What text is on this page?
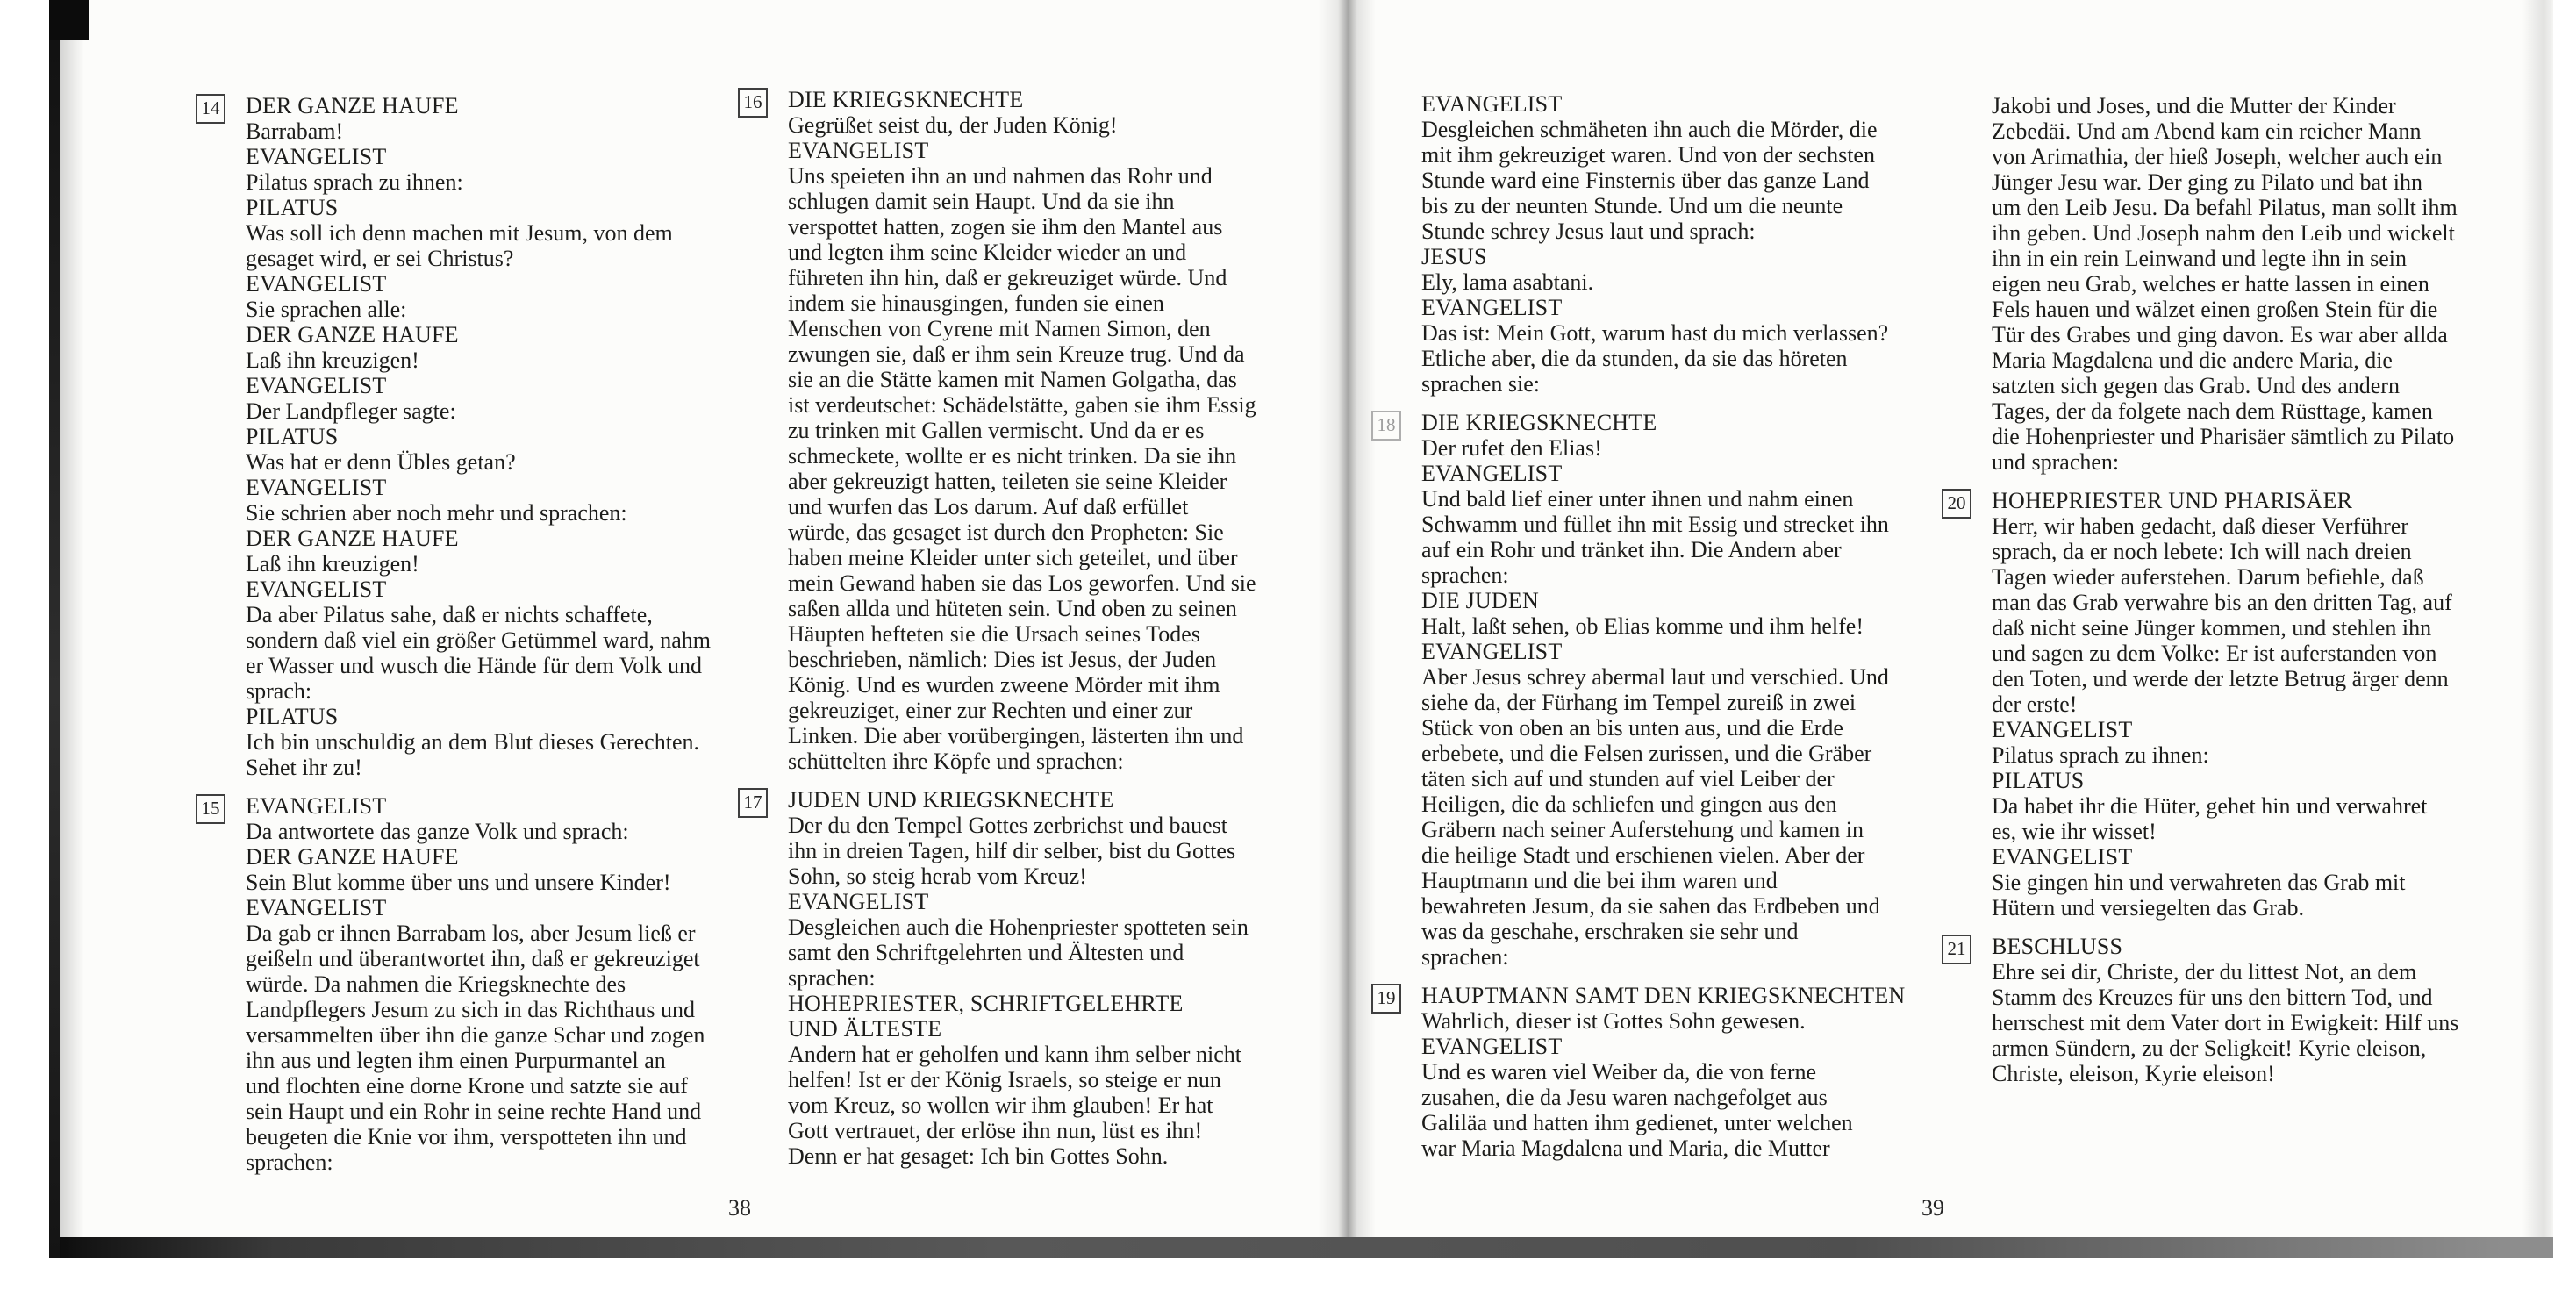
14 DER GANZE HAUFE
Barrabam!
EVANGELIST
Pilatus sprach zu ihnen:
PILATUS
Was soll ich denn machen mit Jesum, von dem
gesaget wird, er sei Christus?
EVANGELIST
Sie sprachen alle:
DER GANZE HAUFE
Laß ihn kreuzigen!
EVANGELIST
Der Landpfleger sagte:
PILATUS
Was hat er denn Übles getan?
EVANGELIST
Sie schrien aber noch mehr und sprachen:
DER GANZE HAUFE
Laß ihn kreuzigen!
EVANGELIST
Da aber Pilatus sahe, daß er nichts schaffete,
sondern daß viel ein größer Getümmel ward, nahm
er Wasser und wusch die Hände für dem Volk und
sprach:
PILATUS
Ich bin unschuldig an dem Blut dieses Gerechten.
Sehet ihr zu!
15 EVANGELIST
Da antwortete das ganze Volk und sprach:
DER GANZE HAUFE
Sein Blut komme über uns und unsere Kinder!
EVANGELIST
Da gab er ihnen Barrabam los, aber Jesum ließ er
geißeln und überantwortet ihn, daß er gekreuziget
würde. Da nahmen die Kriegsknechte des
Landpflegers Jesum zu sich in das Richthaus und
versammelten über ihn die ganze Schar und zogen
ihn aus und legten ihm einen Purpurmantel an
und flochten eine dorne Krone und satzte sie auf
sein Haupt und ein Rohr in seine rechte Hand und
beugeten die Knie vor ihm, verspotteten ihn und
sprachen:
16 DIE KRIEGSKNECHTE
Gegrüßet seist du, der Juden König!
EVANGELIST
Uns speieten ihn an und nahmen das Rohr und
schlugen damit sein Haupt. Und da sie ihn
verspottet hatten, zogen sie ihm den Mantel aus
und legten ihm seine Kleider wieder an und
führeten ihn hin, daß er gekreuziget würde. Und
indem sie hinausgingen, funden sie einen
Menschen von Cyrene mit Namen Simon, den
zwungen sie, daß er ihm sein Kreuze trug. Und da
sie an die Stätte kamen mit Namen Golgatha, das
ist verdeutschet: Schädelstätte, gaben sie ihm Essig
zu trinken mit Gallen vermischt. Und da er es
schmeckete, wollte er es nicht trinken. Da sie ihn
aber gekreuzigt hatten, teileten sie seine Kleider
und wurfen das Los darum. Auf daß erfüllet
würde, das gesaget ist durch den Propheten: Sie
haben meine Kleider unter sich geteilet, und über
mein Gewand haben sie das Los geworfen. Und sie
saßen allda und hüteten sein. Und oben zu seinen
Häupten hefteten sie die Ursach seines Todes
beschrieben, nämlich: Dies ist Jesus, der Juden
König. Und es wurden zweene Mörder mit ihm
gekreuziget, einer zur Rechten und einer zur
Linken. Die aber vorübergingen, lästerten ihn und
schüttelten ihre Köpfe und sprachen:
17 JUDEN UND KRIEGSKNECHTE
Der du den Tempel Gottes zerbrichst und bauest
ihn in dreien Tagen, hilf dir selber, bist du Gottes
Sohn, so steig herab vom Kreuz!
EVANGELIST
Desgleichen auch die Hohenpriester spotteten sein
samt den Schriftgelehrten und Ältesten und
sprachen:
HOHEPRIESTER, SCHRIFTGELEHRTE
UND ÄLTESTE
Andern hat er geholfen und kann ihm selber nicht
helfen! Ist er der König Israels, so steige er nun
vom Kreuz, so wollen wir ihm glauben! Er hat
Gott vertrauet, der erlöse ihn nun, lüst es ihn!
Denn er hat gesaget: Ich bin Gottes Sohn.
38
EVANGELIST
Desgleichen schmäheten ihn auch die Mörder, die
mit ihm gekreuziget waren. Und von der sechsten
Stunde ward eine Finsternis über das ganze Land
bis zu der neunten Stunde. Und um die neunte
Stunde schrey Jesus laut und sprach:
JESUS
Ely, lama asabtani.
EVANGELIST
Das ist: Mein Gott, warum hast du mich verlassen?
Etliche aber, die da stunden, da sie das höreten
sprachen sie:
18 DIE KRIEGSKNECHTE
Der rufet den Elias!
EVANGELIST
Und bald lief einer unter ihnen und nahm einen
Schwamm und füllet ihn mit Essig und strecket ihn
auf ein Rohr und tränket ihn. Die Andern aber
sprachen:
DIE JUDEN
Halt, laßt sehen, ob Elias komme und ihm helfe!
EVANGELIST
Aber Jesus schrey abermal laut und verschied. Und
siehe da, der Fürhang im Tempel zureiß in zwei
Stück von oben an bis unten aus, und die Erde
erbebete, und die Felsen zurissen, und die Gräber
täten sich auf und stunden auf viel Leiber der
Heiligen, die da schliefen und gingen aus den
Gräbern nach seiner Auferstehung und kamen in
die heilige Stadt und erschienen vielen. Aber der
Hauptmann und die bei ihm waren und
bewahreten Jesum, da sie sahen das Erdbeben und
was da geschahe, erschraken sie sehr und
sprachen:
19 HAUPTMANN SAMT DEN KRIEGSKNECHTEN
Wahrlich, dieser ist Gottes Sohn gewesen.
EVANGELIST
Und es waren viel Weiber da, die von ferne
zusahen, die da Jesu waren nachgefolget aus
Galiläa und hatten ihm gedienet, unter welchen
war Maria Magdalena und Maria, die Mutter
Jakobi und Joses, und die Mutter der Kinder
Zebedäi. Und am Abend kam ein reicher Mann
von Arimathia, der hieß Joseph, welcher auch ein
Jünger Jesu war. Der ging zu Pilato und bat ihn
um den Leib Jesu. Da befahl Pilatus, man sollt ihm
ihn geben. Und Joseph nahm den Leib und wickelt
ihn in ein rein Leinwand und legte ihn in sein
eigen neu Grab, welches er hatte lassen in einen
Fels hauen und wälzet einen großen Stein für die
Tür des Grabes und ging davon. Es war aber allda
Maria Magdalena und die andere Maria, die
satzten sich gegen das Grab. Und des andern
Tages, der da folgete nach dem Rüsttage, kamen
die Hohenpriester und Pharisäer sämtlich zu Pilato
und sprachen:
20 HOHEPRIESTER UND PHARISÄER
Herr, wir haben gedacht, daß dieser Verführer
sprach, da er noch lebete: Ich will nach dreien
Tagen wieder auferstehen. Darum befiehle, daß
man das Grab verwahre bis an den dritten Tag, auf
daß nicht seine Jünger kommen, und stehlen ihn
und sagen zu dem Volke: Er ist auferstanden von
den Toten, und werde der letzte Betrug ärger denn
der erste!
EVANGELIST
Pilatus sprach zu ihnen:
PILATUS
Da habet ihr die Hüter, gehet hin und verwahret
es, wie ihr wisset!
EVANGELIST
Sie gingen hin und verwahreten das Grab mit
Hütern und versiegelten das Grab.
21 BESCHLUSS
Ehre sei dir, Christe, der du littest Not, an dem
Stamm des Kreuzes für uns den bittern Tod, und
herrschest mit dem Vater dort in Ewigkeit: Hilf uns
armen Sündern, zu der Seligkeit! Kyrie eleison,
Christe, eleison, Kyrie eleison!
39
